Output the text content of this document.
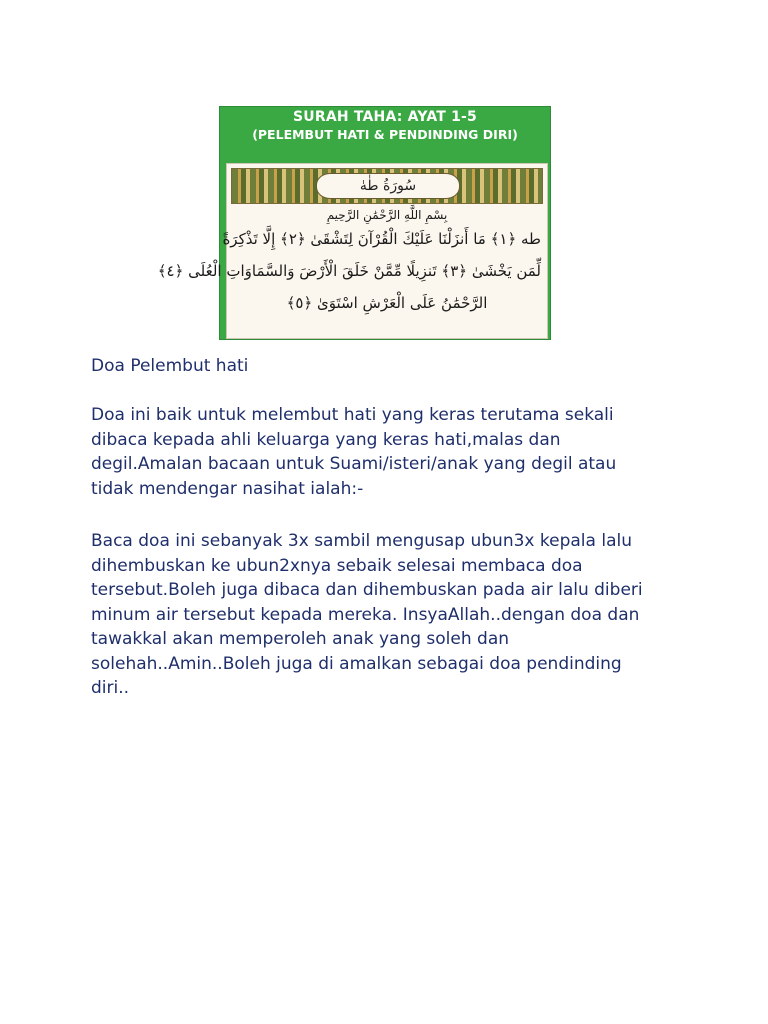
SURAH TAHA: AYAT 1-5
(PELEMBUT HATI & PENDINDING DIRI)
سُورَةُ طٰهٰ
بِسْمِ اللَّهِ الرَّحْمَٰنِ الرَّحِيمِ
طه ﴿١﴾ مَا أَنزَلْنَا عَلَيْكَ الْقُرْآنَ لِتَشْقَىٰ ﴿٢﴾ إِلَّا تَذْكِرَةً
لِّمَن يَخْشَىٰ ﴿٣﴾ تَنزِيلًا مِّمَّنْ خَلَقَ الْأَرْضَ وَالسَّمَاوَاتِ الْعُلَى ﴿٤﴾
الرَّحْمَٰنُ عَلَى الْعَرْشِ اسْتَوَىٰ ﴿٥﴾
Doa Pelembut hati
Doa ini baik untuk melembut hati yang keras terutama sekali
dibaca kepada ahli keluarga yang keras hati,malas dan
degil.Amalan bacaan untuk Suami/isteri/anak yang degil atau
tidak mendengar nasihat ialah:-
Baca doa ini sebanyak 3x sambil mengusap ubun3x kepala lalu
dihembuskan ke ubun2xnya sebaik selesai membaca doa
tersebut.Boleh juga dibaca dan dihembuskan pada air lalu diberi
minum air tersebut kepada mereka. InsyaAllah..dengan doa dan
tawakkal akan memperoleh anak yang soleh dan
solehah..Amin..Boleh juga di amalkan sebagai doa pendinding
diri..
